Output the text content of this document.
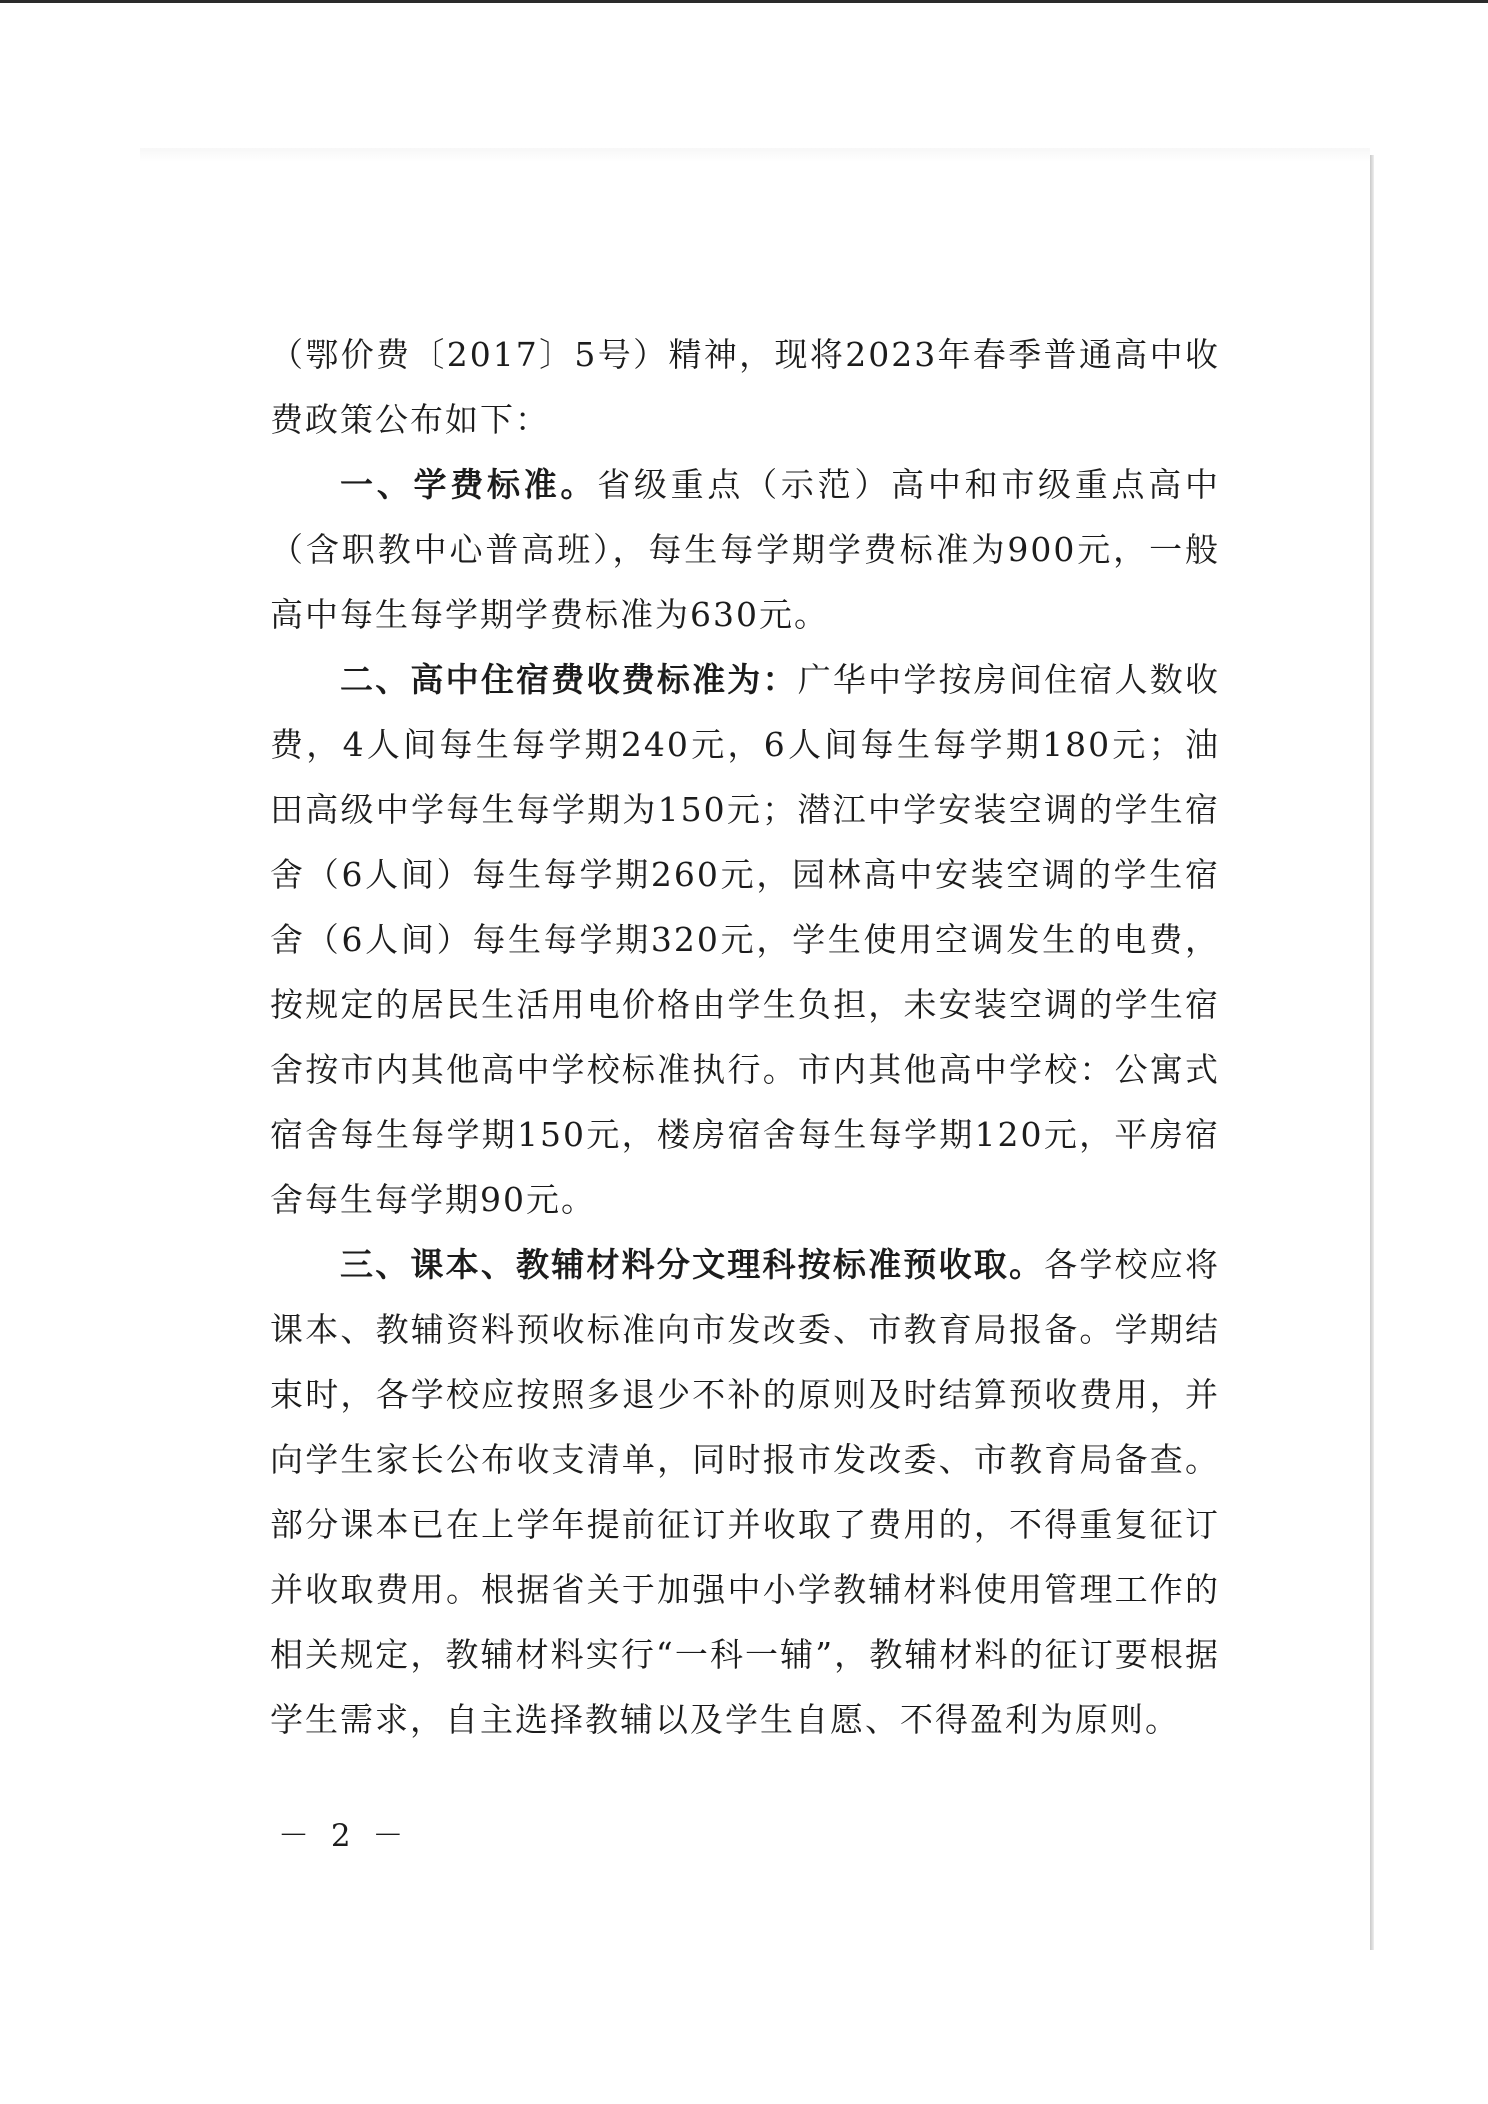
（鄂价费〔2017〕5号）精神，现将2023年春季普通高中收费政策公布如下：

一、学费标准。省级重点（示范）高中和市级重点高中（含职教中心普高班），每生每学期学费标准为900元，一般高中每生每学期学费标准为630元。

二、高中住宿费收费标准为：广华中学按房间住宿人数收费，4人间每生每学期240元，6人间每生每学期180元；油田高级中学每生每学期为150元；潜江中学安装空调的学生宿舍（6人间）每生每学期260元，园林高中安装空调的学生宿舍（6人间）每生每学期320元，学生使用空调发生的电费，按规定的居民生活用电价格由学生负担，未安装空调的学生宿舍按市内其他高中学校标准执行。市内其他高中学校：公寓式宿舍每生每学期150元，楼房宿舍每生每学期120元，平房宿舍每生每学期90元。

三、课本、教辅材料分文理科按标准预收取。各学校应将课本、教辅资料预收标准向市发改委、市教育局报备。学期结束时，各学校应按照多退少不补的原则及时结算预收费用，并向学生家长公布收支清单，同时报市发改委、市教育局备查。部分课本已在上学年提前征订并收取了费用的，不得重复征订并收取费用。根据省关于加强中小学教辅材料使用管理工作的相关规定，教辅材料实行“一科一辅”，教辅材料的征订要根据学生需求，自主选择教辅以及学生自愿、不得盈利为原则。

－ 2 －
